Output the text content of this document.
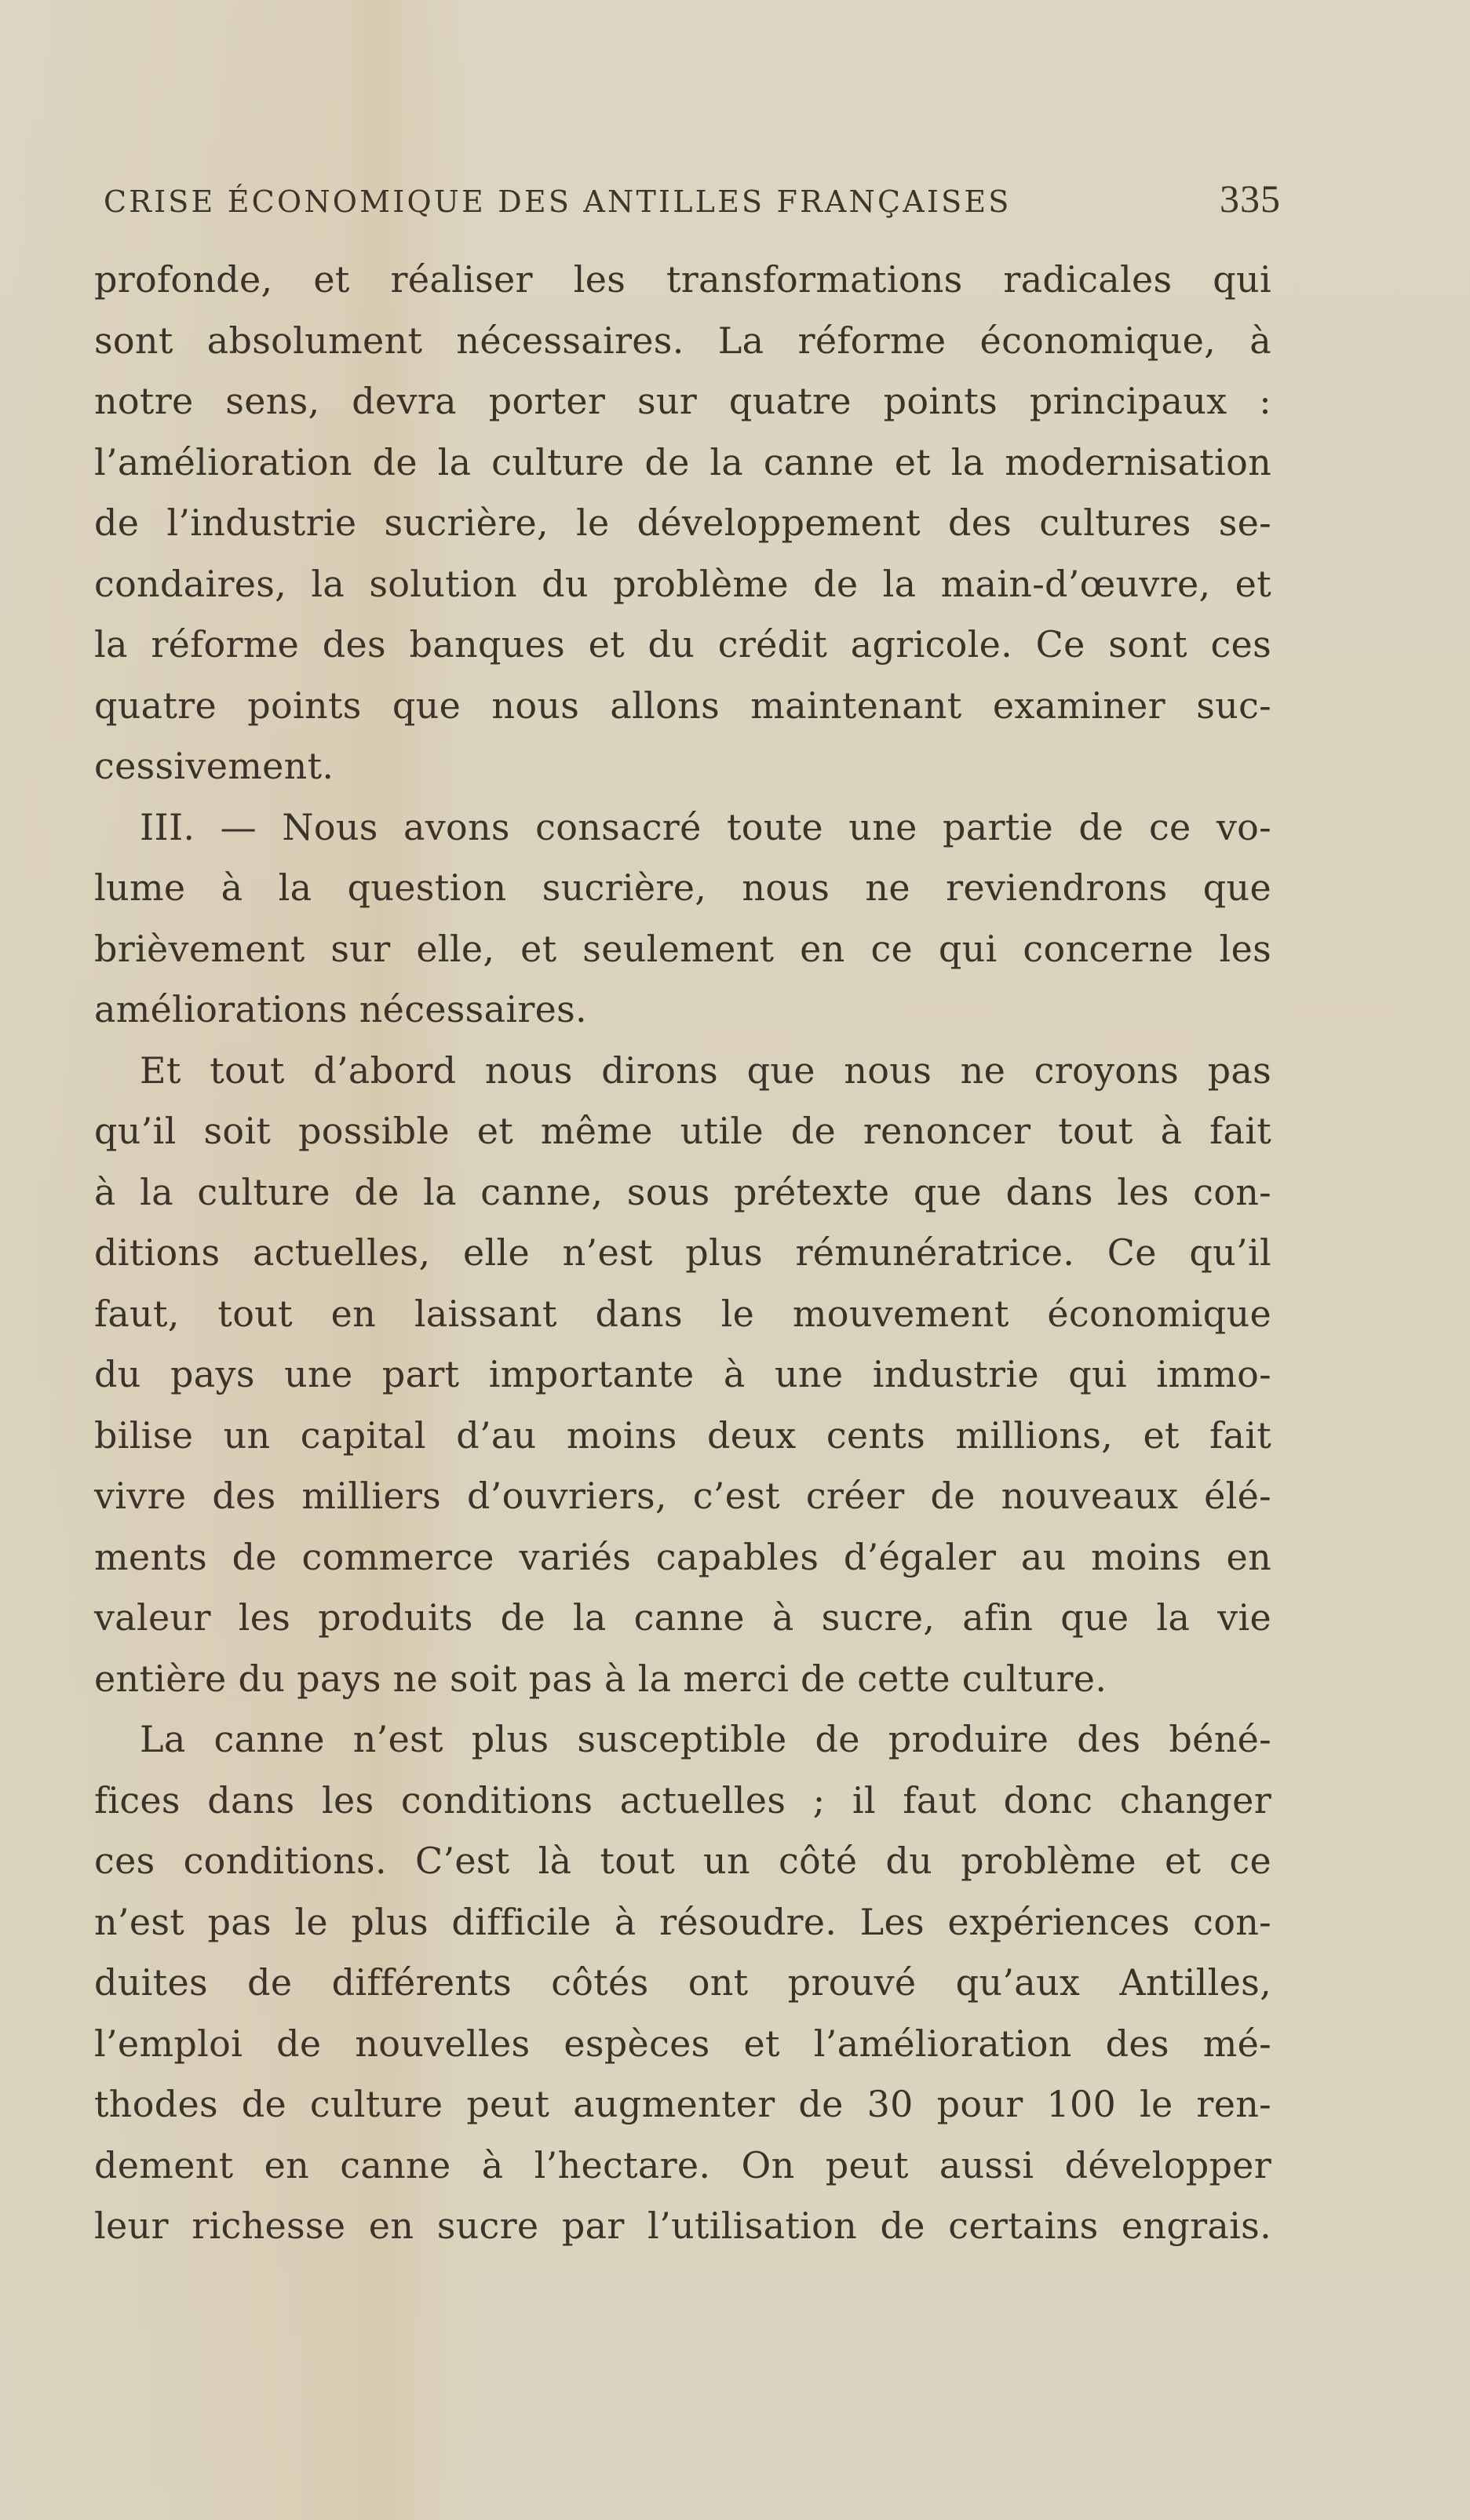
CRISE ÉCONOMIQUE DES ANTILLES FRANÇAISES	335
profonde, et réaliser les transformations radicales qui
sont absolument nécessaires. La réforme économique, à
notre sens, devra porter sur quatre points principaux :
l’amélioration de la culture de la canne et la modernisation
de l’industrie sucrière, le développement des cultures se-
condaires, la solution du problème de la main-d’œuvre, et
la réforme des banques et du crédit agricole. Ce sont ces
quatre points que nous allons maintenant examiner suc-
cessivement.
III. — Nous avons consacré toute une partie de ce vo-
lume à la question sucrière, nous ne reviendrons que
brièvement sur elle, et seulement en ce qui concerne les
améliorations nécessaires.
Et tout d’abord nous dirons que nous ne croyons pas
qu’il soit possible et même utile de renoncer tout à fait
à la culture de la canne, sous prétexte que dans les con-
ditions actuelles, elle n’est plus rémunératrice. Ce qu’il
faut, tout en laissant dans le mouvement économique
du pays une part importante à une industrie qui immo-
bilise un capital d’au moins deux cents millions, et fait
vivre des milliers d’ouvriers, c’est créer de nouveaux élé-
ments de commerce variés capables d’égaler au moins en
valeur les produits de la canne à sucre, afin que la vie
entière du pays ne soit pas à la merci de cette culture.
La canne n’est plus susceptible de produire des béné-
fices dans les conditions actuelles ; il faut donc changer
ces conditions. C’est là tout un côté du problème et ce
n’est pas le plus difficile à résoudre. Les expériences con-
duites de différents côtés ont prouvé qu’aux Antilles,
l’emploi de nouvelles espèces et l’amélioration des mé-
thodes de culture peut augmenter de 30 pour 100 le ren-
dement en canne à l’hectare. On peut aussi développer
leur richesse en sucre par l’utilisation de certains engrais.
